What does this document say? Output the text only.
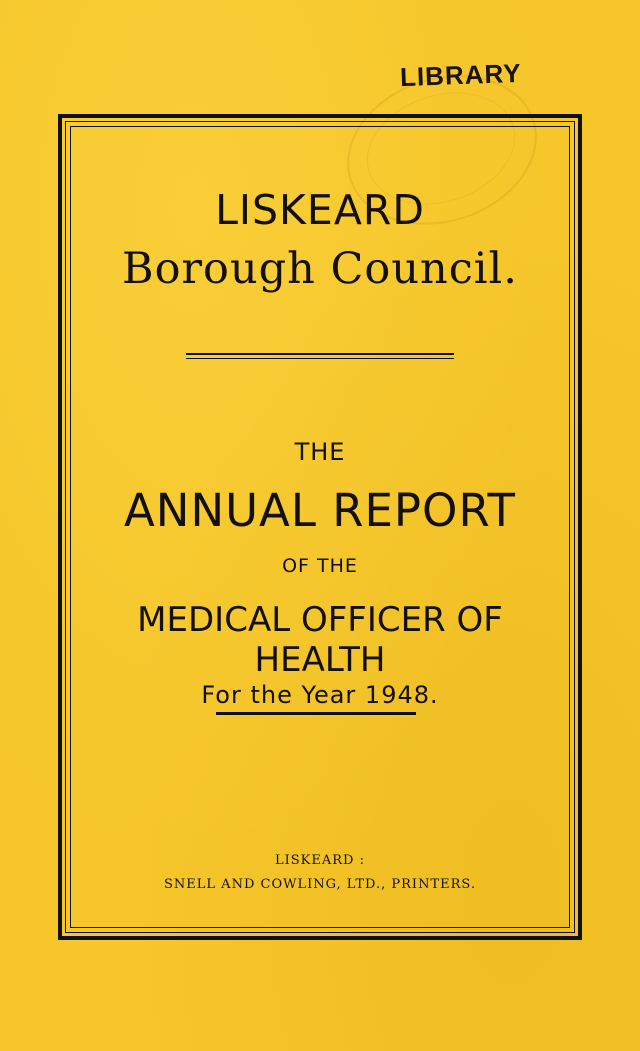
LIBRARY
LISKEARD
Borough Council.
THE
ANNUAL REPORT
OF THE
MEDICAL OFFICER OF HEALTH
For the Year 1948.
LISKEARD :
SNELL AND COWLING, LTD., PRINTERS.
